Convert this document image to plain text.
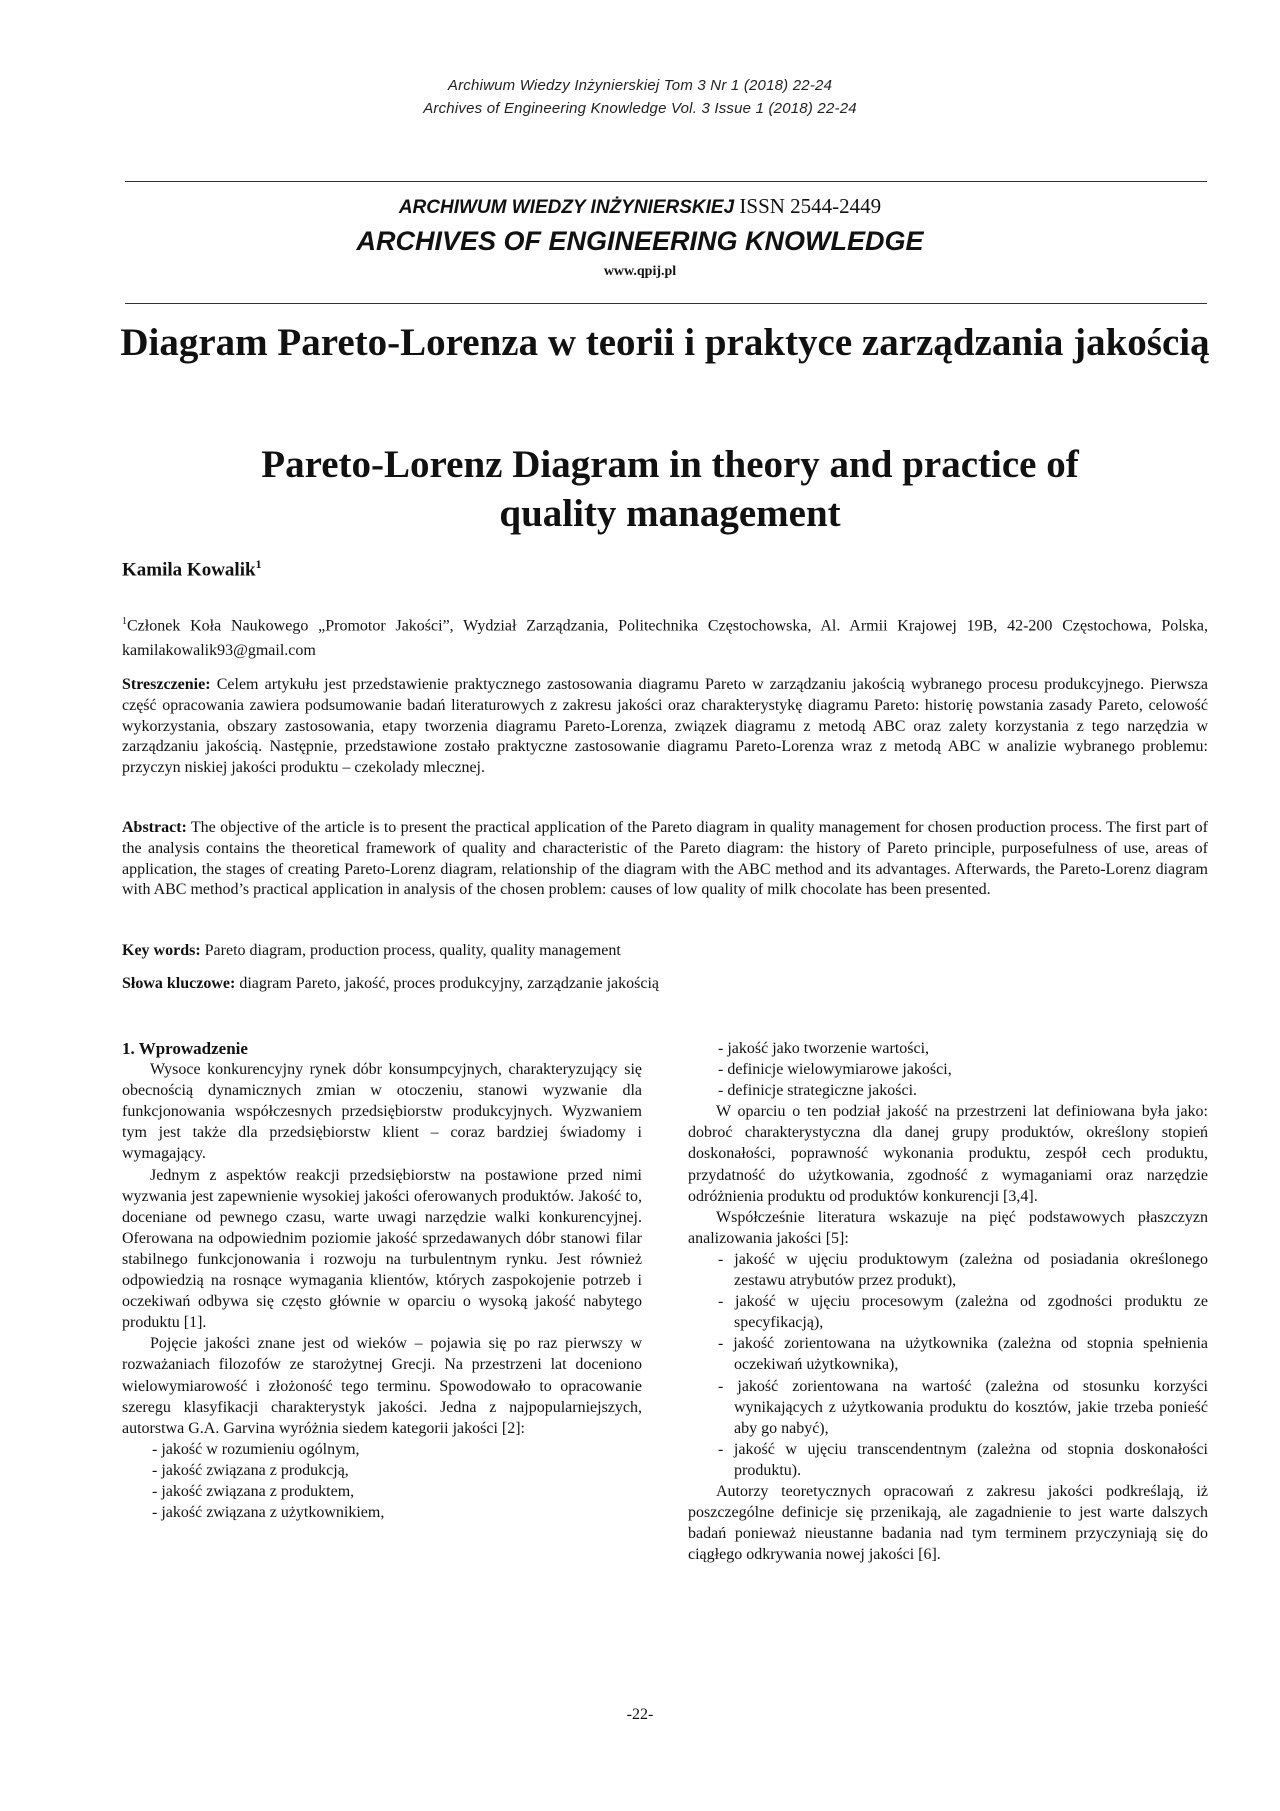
Archiwum Wiedzy Inżynierskiej Tom 3 Nr 1 (2018) 22-24
Archives of Engineering Knowledge Vol. 3 Issue 1 (2018) 22-24
ARCHIWUM WIEDZY INŻYNIERSKIEJ ISSN 2544-2449
ARCHIVES OF ENGINEERING KNOWLEDGE
www.qpij.pl
Diagram Pareto-Lorenza w teorii i praktyce zarządzania jakością
Pareto-Lorenz Diagram in theory and practice of quality management
Kamila Kowalik$^1$
$^1$Członek Koła Naukowego „Promotor Jakości”, Wydział Zarządzania, Politechnika Częstochowska, Al. Armii Krajowej 19B, 42-200 Częstochowa, Polska, kamilakowalik93@gmail.com
Streszczenie: Celem artykułu jest przedstawienie praktycznego zastosowania diagramu Pareto w zarządzaniu jakością wybranego procesu produkcyjnego. Pierwsza część opracowania zawiera podsumowanie badań literaturowych z zakresu jakości oraz charakterystykę diagramu Pareto: historię powstania zasady Pareto, celowość wykorzystania, obszary zastosowania, etapy tworzenia diagramu Pareto-Lorenza, związek diagramu z metodą ABC oraz zalety korzystania z tego narzędzia w zarządzaniu jakością. Następnie, przedstawione zostało praktyczne zastosowanie diagramu Pareto-Lorenza wraz z metodą ABC w analizie wybranego problemu: przyczyn niskiej jakości produktu – czekolady mlecznej.
Abstract: The objective of the article is to present the practical application of the Pareto diagram in quality management for chosen production process. The first part of the analysis contains the theoretical framework of quality and characteristic of the Pareto diagram: the history of Pareto principle, purposefulness of use, areas of application, the stages of creating Pareto-Lorenz diagram, relationship of the diagram with the ABC method and its advantages. Afterwards, the Pareto-Lorenz diagram with ABC method’s practical application in analysis of the chosen problem: causes of low quality of milk chocolate has been presented.
Key words: Pareto diagram, production process, quality, quality management
Słowa kluczowe: diagram Pareto, jakość, proces produkcyjny, zarządzanie jakością

1. Wprowadzenie

Wysoce konkurencyjny rynek dóbr konsumpcyjnych, charakteryzujący się obecnością dynamicznych zmian w otoczeniu, stanowi wyzwanie dla funkcjonowania współczesnych przedsiębiorstw produkcyjnych. Wyzwaniem tym jest także dla przedsiębiorstw klient – coraz bardziej świadomy i wymagający.

Jednym z aspektów reakcji przedsiębiorstw na postawione przed nimi wyzwania jest zapewnienie wysokiej jakości oferowanych produktów. Jakość to, doceniane od pewnego czasu, warte uwagi narzędzie walki konkurencyjnej. Oferowana na odpowiednim poziomie jakość sprzedawanych dóbr stanowi filar stabilnego funkcjonowania i rozwoju na turbulentnym rynku. Jest również odpowiedzią na rosnące wymagania klientów, których zaspokojenie potrzeb i oczekiwań odbywa się często głównie w oparciu o wysoką jakość nabytego produktu [1].

Pojęcie jakości znane jest od wieków – pojawia się po raz pierwszy w rozważaniach filozofów ze starożytnej Grecji. Na przestrzeni lat doceniono wielowymiarowość i złożoność tego terminu. Spowodowało to opracowanie szeregu klasyfikacji charakterystyk jakości. Jedna z najpopularniejszych, autorstwa G.A. Garvina wyróżnia siedem kategorii jakości [2]:

- jakość w rozumieniu ogólnym,

- jakość związana z produkcją,

- jakość związana z produktem,

- jakość związana z użytkownikiem,

- jakość jako tworzenie wartości,

- definicje wielowymiarowe jakości,

- definicje strategiczne jakości.

W oparciu o ten podział jakość na przestrzeni lat definiowana była jako: dobroć charakterystyczna dla danej grupy produktów, określony stopień doskonałości, poprawność wykonania produktu, zespół cech produktu, przydatność do użytkowania, zgodność z wymaganiami oraz narzędzie odróżnienia produktu od produktów konkurencji [3,4].

Współcześnie literatura wskazuje na pięć podstawowych płaszczyzn analizowania jakości [5]:

- jakość w ujęciu produktowym (zależna od posiadania określonego zestawu atrybutów przez produkt),

- jakość w ujęciu procesowym (zależna od zgodności produktu ze specyfikacją),

- jakość zorientowana na użytkownika (zależna od stopnia spełnienia oczekiwań użytkownika),

- jakość zorientowana na wartość (zależna od stosunku korzyści wynikających z użytkowania produktu do kosztów, jakie trzeba ponieść aby go nabyć),

- jakość w ujęciu transcendentnym (zależna od stopnia doskonałości produktu).

Autorzy teoretycznych opracowań z zakresu jakości podkreślają, iż poszczególne definicje się przenikają, ale zagadnienie to jest warte dalszych badań ponieważ nieustanne badania nad tym terminem przyczyniają się do ciągłego odkrywania nowej jakości [6].

-22-
